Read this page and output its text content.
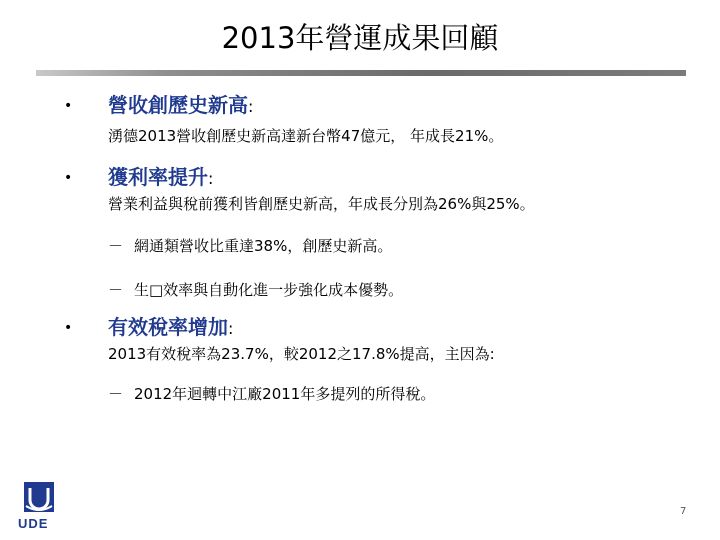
2013年營運成果回顧
• 營收創歷史新高:
湧德2013營收創歷史新高達新台幣47億元， 年成長21%。
• 獲利率提升:
營業利益與稅前獲利皆創歷史新高，年成長分別為26%與25%。
－ 網通類營收比重達38%，創歷史新高。
－ 生□效率與自動化進一步強化成本優勢。
• 有效稅率增加:
2013有效稅率為23.7%，較2012之17.8%提高，主因為:
－ 2012年迴轉中江廠2011年多提列的所得稅。
UDE
7
